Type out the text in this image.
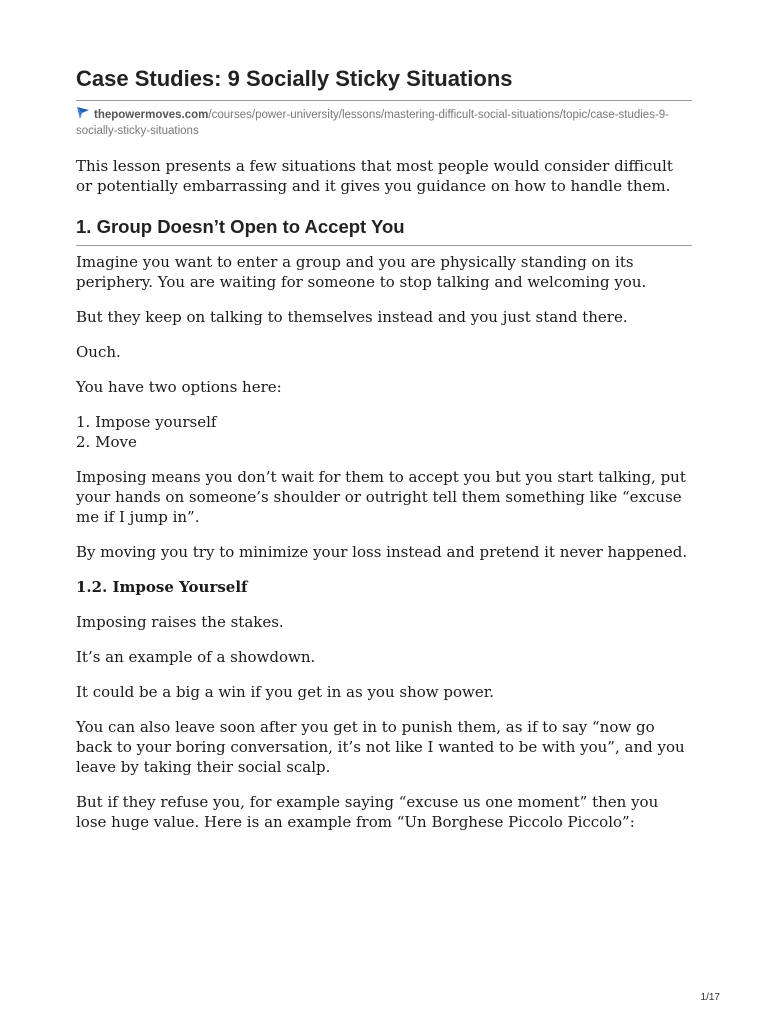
Case Studies: 9 Socially Sticky Situations
thepowermoves.com/courses/power-university/lessons/mastering-difficult-social-situations/topic/case-studies-9-socially-sticky-situations

This lesson presents a few situations that most people would consider difficult or potentially embarrassing and it gives you guidance on how to handle them.

1. Group Doesn’t Open to Accept You

Imagine you want to enter a group and you are physically standing on its periphery. You are waiting for someone to stop talking and welcoming you.

But they keep on talking to themselves instead and you just stand there.

Ouch.

You have two options here:

1. Impose yourself
2. Move

Imposing means you don’t wait for them to accept you but you start talking, put your hands on someone’s shoulder or outright tell them something like “excuse me if I jump in”.

By moving you try to minimize your loss instead and pretend it never happened.

1.2. Impose Yourself

Imposing raises the stakes.

It’s an example of a showdown.

It could be a big a win if you get in as you show power.

You can also leave soon after you get in to punish them, as if to say “now go back to your boring conversation, it’s not like I wanted to be with you”, and you leave by taking their social scalp.

But if they refuse you, for example saying “excuse us one moment” then you lose huge value. Here is an example from “Un Borghese Piccolo Piccolo”:

1/17
